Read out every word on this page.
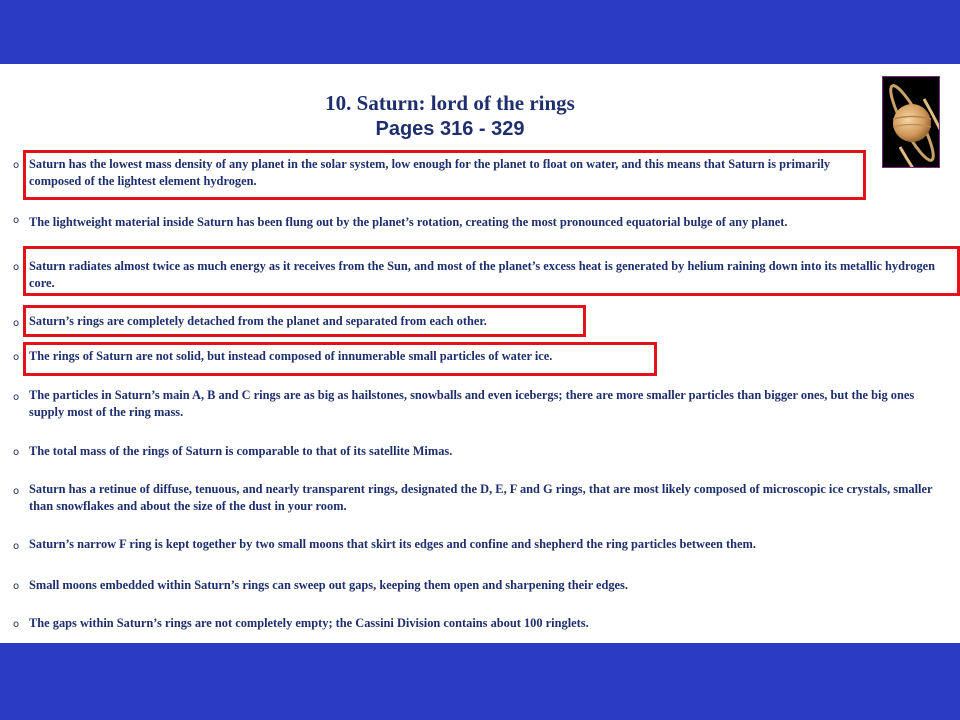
10. Saturn: lord of the rings
Pages 316 - 329
o Saturn has the lowest mass density of any planet in the solar system, low enough for the planet to float on water, and this means that Saturn is primarily composed of the lightest element hydrogen.
o The lightweight material inside Saturn has been flung out by the planet’s rotation, creating the most pronounced equatorial bulge of any planet.
o Saturn radiates almost twice as much energy as it receives from the Sun, and most of the planet’s excess heat is generated by helium raining down into its metallic hydrogen core.
o Saturn’s rings are completely detached from the planet and separated from each other.
o The rings of Saturn are not solid, but instead composed of innumerable small particles of water ice.
o The particles in Saturn’s main A, B and C rings are as big as hailstones, snowballs and even icebergs; there are more smaller particles than bigger ones, but the big ones supply most of the ring mass.
o The total mass of the rings of Saturn is comparable to that of its satellite Mimas.
o Saturn has a retinue of diffuse, tenuous, and nearly transparent rings, designated the D, E, F and G rings, that are most likely composed of microscopic ice crystals, smaller than snowflakes and about the size of the dust in your room.
o Saturn’s narrow F ring is kept together by two small moons that skirt its edges and confine and shepherd the ring particles between them.
o Small moons embedded within Saturn’s rings can sweep out gaps, keeping them open and sharpening their edges.
o The gaps within Saturn’s rings are not completely empty; the Cassini Division contains about 100 ringlets.
